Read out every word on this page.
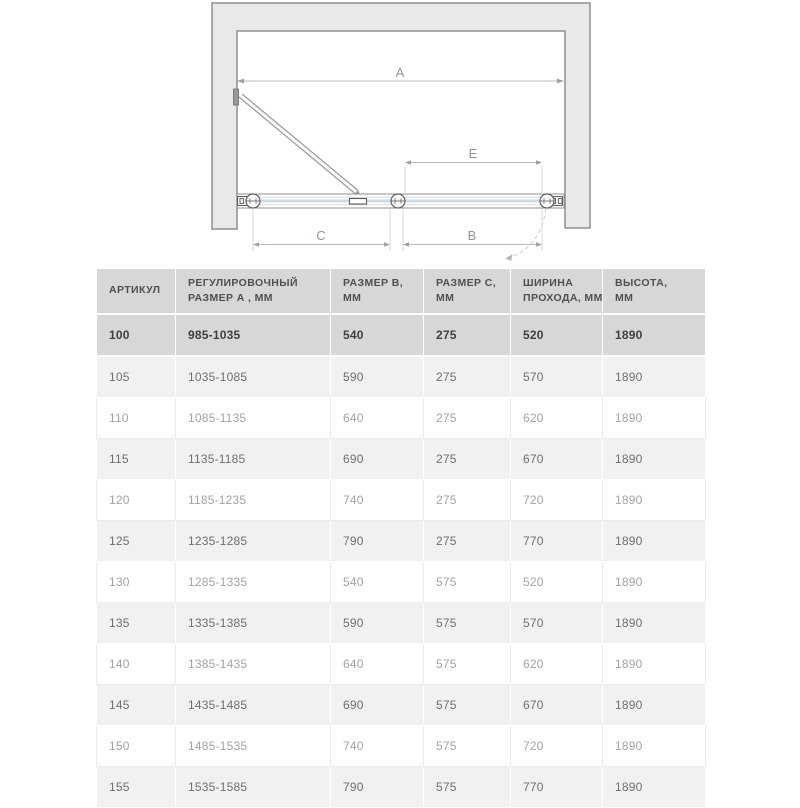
A
E
C	B
АРТИКУЛ	РЕГУЛИРОВОЧНЫЙ РАЗМЕР А , ММ	РАЗМЕР B, ММ	РАЗМЕР C, ММ	ШИРИНА ПРОХОДА, ММ	ВЫСОТА, ММ

100	985-1035	540	275	520	1890
105	1035-1085	590	275	570	1890
110	1085-1135	640	275	620	1890
115	1135-1185	690	275	670	1890
120	1185-1235	740	275	720	1890
125	1235-1285	790	275	770	1890
130	1285-1335	540	575	520	1890
135	1335-1385	590	575	570	1890
140	1385-1435	640	575	620	1890
145	1435-1485	690	575	670	1890
150	1485-1535	740	575	720	1890
155	1535-1585	790	575	770	1890
